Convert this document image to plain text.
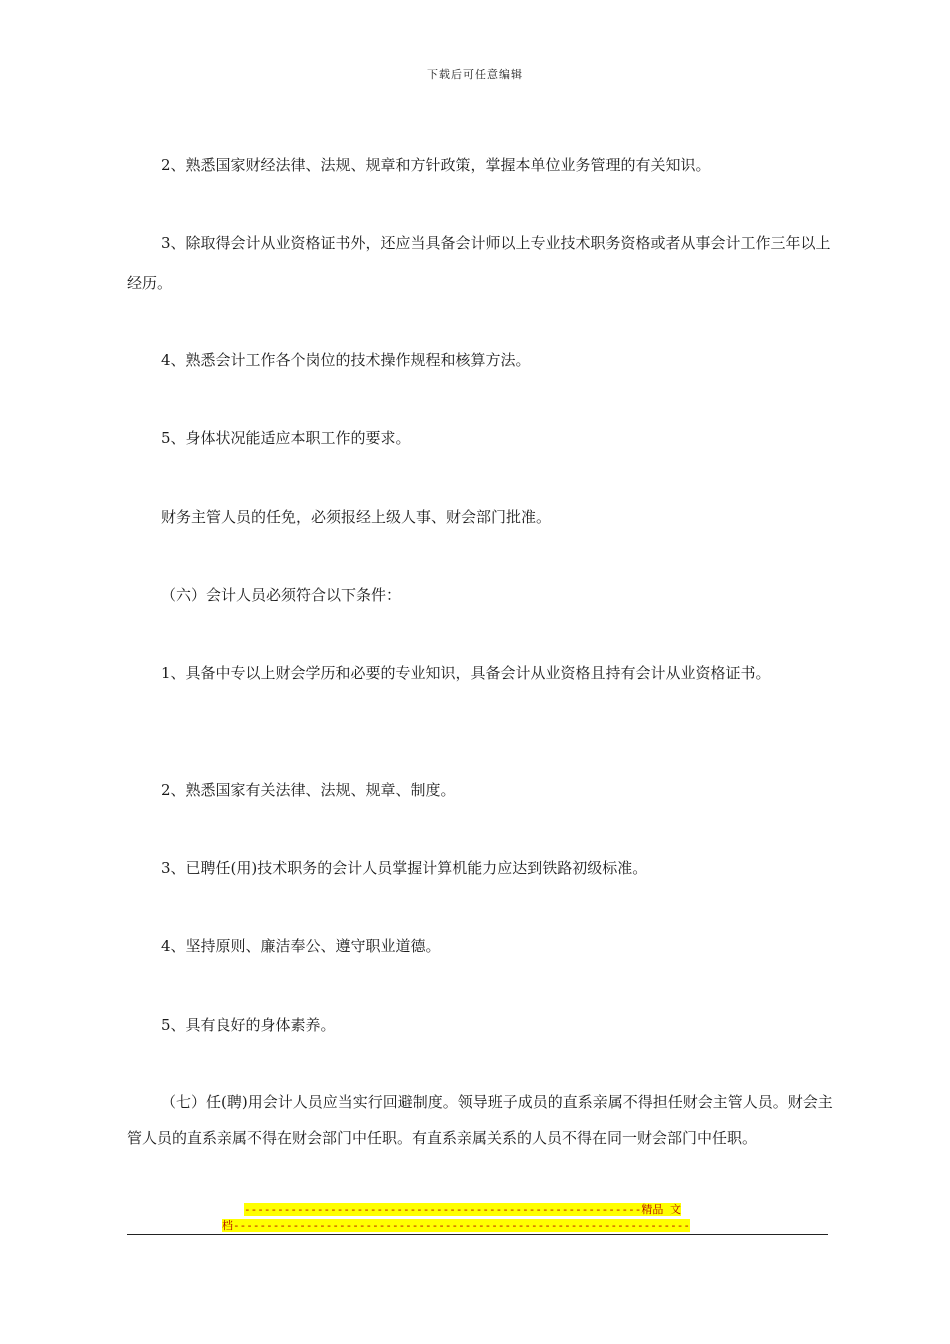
下载后可任意编辑

2、熟悉国家财经法律、法规、规章和方针政策，掌握本单位业务管理的有关知识。

3、除取得会计从业资格证书外，还应当具备会计师以上专业技术职务资格或者从事会计工作三年以上经历。

4、熟悉会计工作各个岗位的技术操作规程和核算方法。

5、身体状况能适应本职工作的要求。

财务主管人员的任免，必须报经上级人事、财会部门批准。

（六）会计人员必须符合以下条件：

1、具备中专以上财会学历和必要的专业知识，具备会计从业资格且持有会计从业资格证书。

2、熟悉国家有关法律、法规、规章、制度。

3、已聘任(用)技术职务的会计人员掌握计算机能力应达到铁路初级标准。

4、坚持原则、廉洁奉公、遵守职业道德。

5、具有良好的身体素养。

（七）任(聘)用会计人员应当实行回避制度。领导班子成员的直系亲属不得担任财会主管人员。财会主管人员的直系亲属不得在财会部门中任职。有直系亲属关系的人员不得在同一财会部门中任职。

------------------------------------------------------------精品 文
档---------------------------------------------------------------------
